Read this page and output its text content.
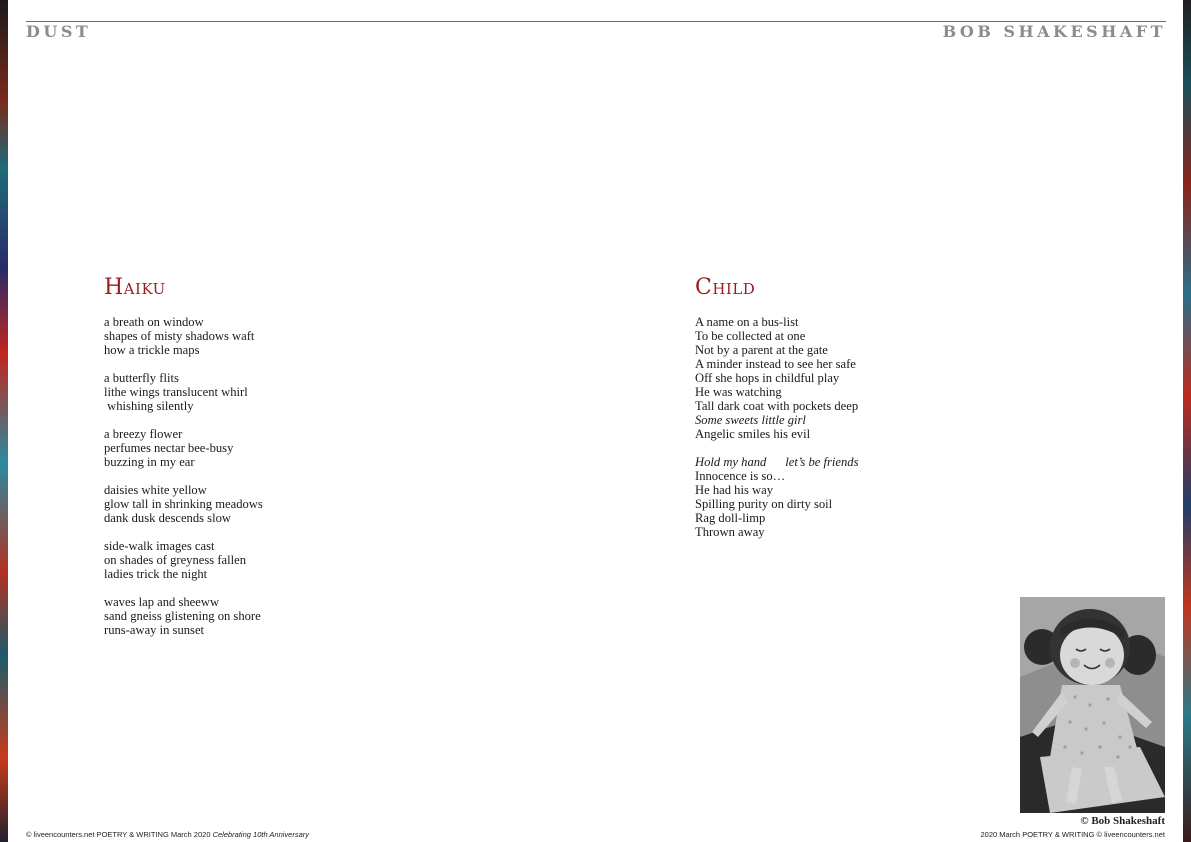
DUST	BOB SHAKESHAFT
Haiku
a breath on window
shapes of misty shadows waft
how a trickle maps
a butterfly flits
lithe wings translucent whirl
whishing silently
a breezy flower
perfumes nectar bee-busy
buzzing in my ear
daisies white yellow
glow tall in shrinking meadows
dank dusk descends slow
side-walk images cast
on shades of greyness fallen
ladies trick the night
waves lap and sheeww
sand gneiss glistening on shore
runs-away in sunset
Child
A name on a bus-list
To be collected at one
Not by a parent at the gate
A minder instead to see her safe
Off she hops in childful play
He was watching
Tall dark coat with pockets deep
Some sweets little girl
Angelic smiles his evil
Hold my hand let’s be friends
Innocence is so…
He had his way
Spilling purity on dirty soil
Rag doll-limp
Thrown away
© Bob Shakeshaft
© liveencounters.net POETRY & WRITING March 2020 Celebrating 10th Anniversary	2020 March POETRY & WRITING © liveencounters.net
